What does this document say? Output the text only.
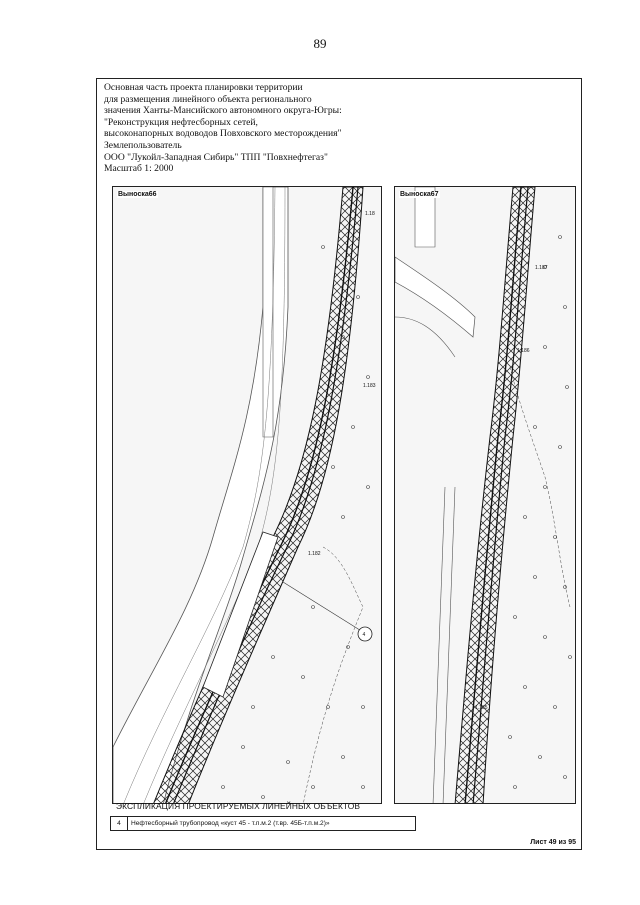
89
Основная часть проекта планировки территории
для размещения линейного объекта регионального
значения Ханты-Мансийского автономного округа-Югры:
"Реконструкция нефтесборных сетей,
высоконапорных водоводов Повховского месторождения"
Землепользователь
ООО "Лукойл-Западная Сибирь" ТПП "Повхнефтегаз"
Масштаб 1: 2000
4
1.18
1.183
1.182
Выноска66
1.187
1.186
1.185
Выноска67
ЭКСПЛИКАЦИЯ ПРОЕКТИРУЕМЫХ ЛИНЕЙНЫХ ОБЪЕКТОВ
4	Нефтесборный трубопровод «куст 45 - т.п.м.2 (т.вр. 45Б-т.п.м.2)»
Лист 49 из 95
